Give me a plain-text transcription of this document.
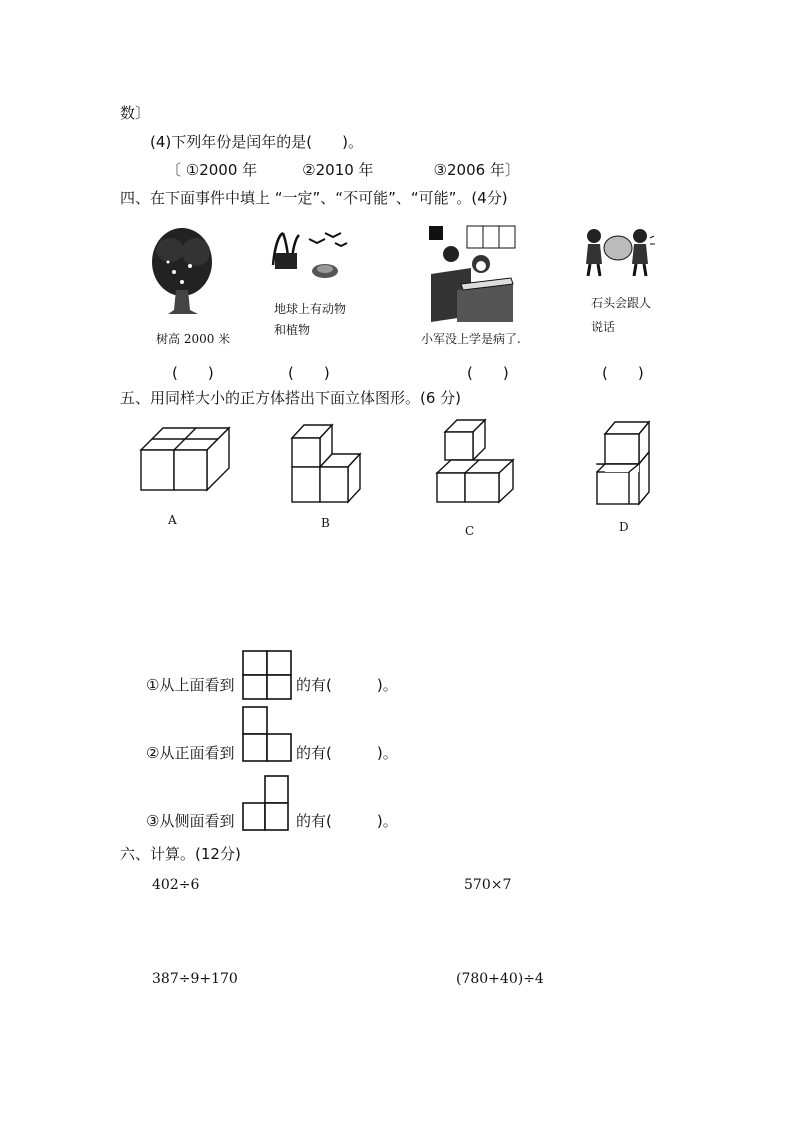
数〕
(4)下列年份是闰年的是(　　)。
〔 ①2000 年　　　②2010 年　　　　③2006 年〕
四、在下面事件中填上 “一定”、“不可能”、“可能”。(4分)
树高 2000 米
地球上有动物
和植物
小军没上学是病了.
石头会跟人
说话
(　　)	(　　)	(　　)	(　　)
五、用同样大小的正方体搭出下面立体图形。(6 分)
A	B
C	D
①从上面看到	的有(　　　)。
②从正面看到	的有(　　　)。
③从侧面看到	的有(　　　)。
六、计算。(12分)
402÷6	570×7
387÷9+170	(780+40)÷4
